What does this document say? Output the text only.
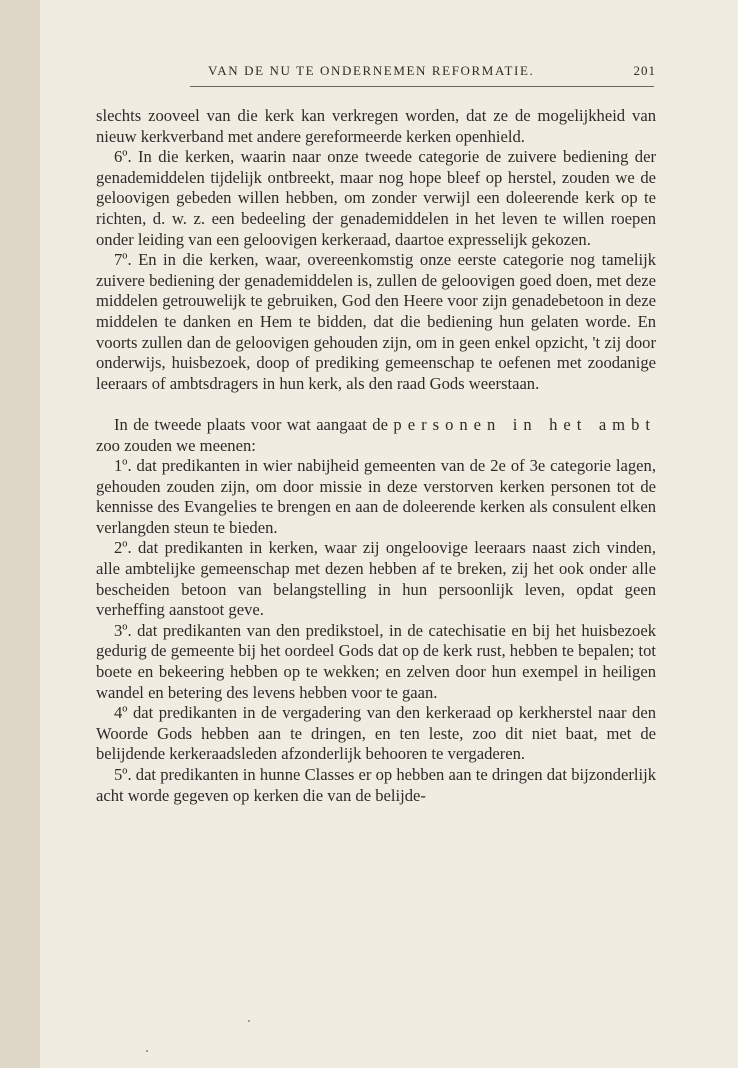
VAN DE NU TE ONDERNEMEN REFORMATIE.	201

slechts zooveel van die kerk kan verkregen worden, dat ze de mogelijkheid van nieuw kerkverband met andere gereformeerde kerken openhield.

6º. In die kerken, waarin naar onze tweede categorie de zuivere bediening der genademiddelen tijdelijk ontbreekt, maar nog hope bleef op herstel, zouden we de geloovigen gebeden willen hebben, om zonder verwijl een doleerende kerk op te richten, d. w. z. een bedeeling der genademiddelen in het leven te willen roepen onder leiding van een geloovigen kerkeraad, daartoe expresselijk gekozen.

7º. En in die kerken, waar, overeenkomstig onze eerste categorie nog tamelijk zuivere bediening der genademiddelen is, zullen de geloovigen goed doen, met deze middelen getrouwelijk te gebruiken, God den Heere voor zijn genadebetoon in deze middelen te danken en Hem te bidden, dat die bediening hun gelaten worde. En voorts zullen dan de geloovigen gehouden zijn, om in geen enkel opzicht, 't zij door onderwijs, huisbezoek, doop of prediking gemeenschap te oefenen met zoodanige leeraars of ambtsdragers in hun kerk, als den raad Gods weerstaan.

In de tweede plaats voor wat aangaat de personen in het ambt zoo zouden we meenen:

1º. dat predikanten in wier nabijheid gemeenten van de 2e of 3e categorie lagen, gehouden zouden zijn, om door missie in deze verstorven kerken personen tot de kennisse des Evangelies te brengen en aan de doleerende kerken als consulent elken verlangden steun te bieden.

2º. dat predikanten in kerken, waar zij ongeloovige leeraars naast zich vinden, alle ambtelijke gemeenschap met dezen hebben af te breken, zij het ook onder alle bescheiden betoon van belangstelling in hun persoonlijk leven, opdat geen verheffing aanstoot geve.

3º. dat predikanten van den predikstoel, in de catechisatie en bij het huisbezoek gedurig de gemeente bij het oordeel Gods dat op de kerk rust, hebben te bepalen; tot boete en bekeering hebben op te wekken; en zelven door hun exempel in heiligen wandel en betering des levens hebben voor te gaan.

4º dat predikanten in de vergadering van den kerkeraad op kerkherstel naar den Woorde Gods hebben aan te dringen, en ten leste, zoo dit niet baat, met de belijdende kerkeraadsleden afzonderlijk behooren te vergaderen.

5º. dat predikanten in hunne Classes er op hebben aan te dringen dat bijzonderlijk acht worde gegeven op kerken die van de belijde-
